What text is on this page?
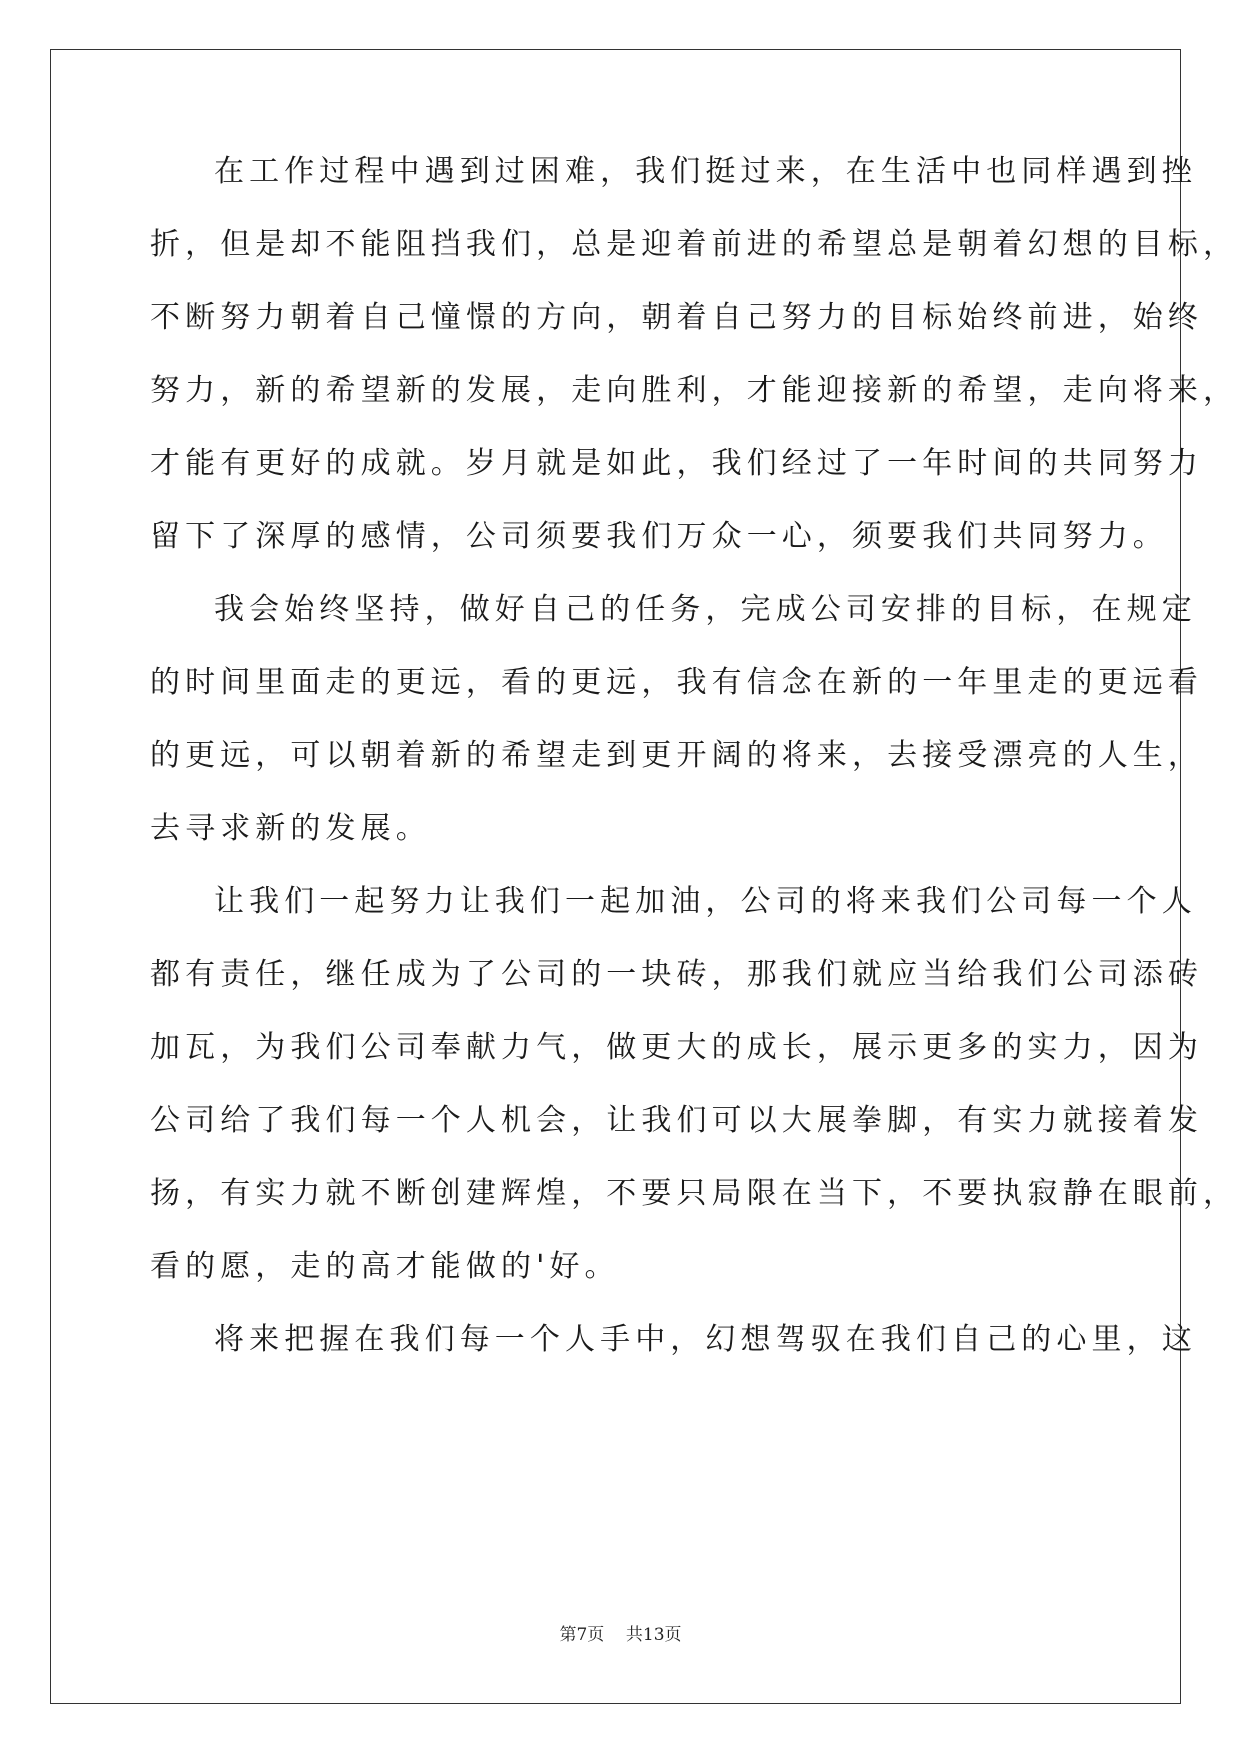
在工作过程中遇到过困难，我们挺过来，在生活中也同样遇到挫
折，但是却不能阻挡我们，总是迎着前进的希望总是朝着幻想的目标，
不断努力朝着自己憧憬的方向，朝着自己努力的目标始终前进，始终
努力，新的希望新的发展，走向胜利，才能迎接新的希望，走向将来，
才能有更好的成就。岁月就是如此，我们经过了一年时间的共同努力
留下了深厚的感情，公司须要我们万众一心，须要我们共同努力。
我会始终坚持，做好自己的任务，完成公司安排的目标，在规定
的时间里面走的更远，看的更远，我有信念在新的一年里走的更远看
的更远，可以朝着新的希望走到更开阔的将来，去接受漂亮的人生，
去寻求新的发展。
让我们一起努力让我们一起加油，公司的将来我们公司每一个人
都有责任，继任成为了公司的一块砖，那我们就应当给我们公司添砖
加瓦，为我们公司奉献力气，做更大的成长，展示更多的实力，因为
公司给了我们每一个人机会，让我们可以大展拳脚，有实力就接着发
扬，有实力就不断创建辉煌，不要只局限在当下，不要执寂静在眼前，
看的愿，走的高才能做的'好。
将来把握在我们每一个人手中，幻想驾驭在我们自己的心里，这
第7页    共13页
